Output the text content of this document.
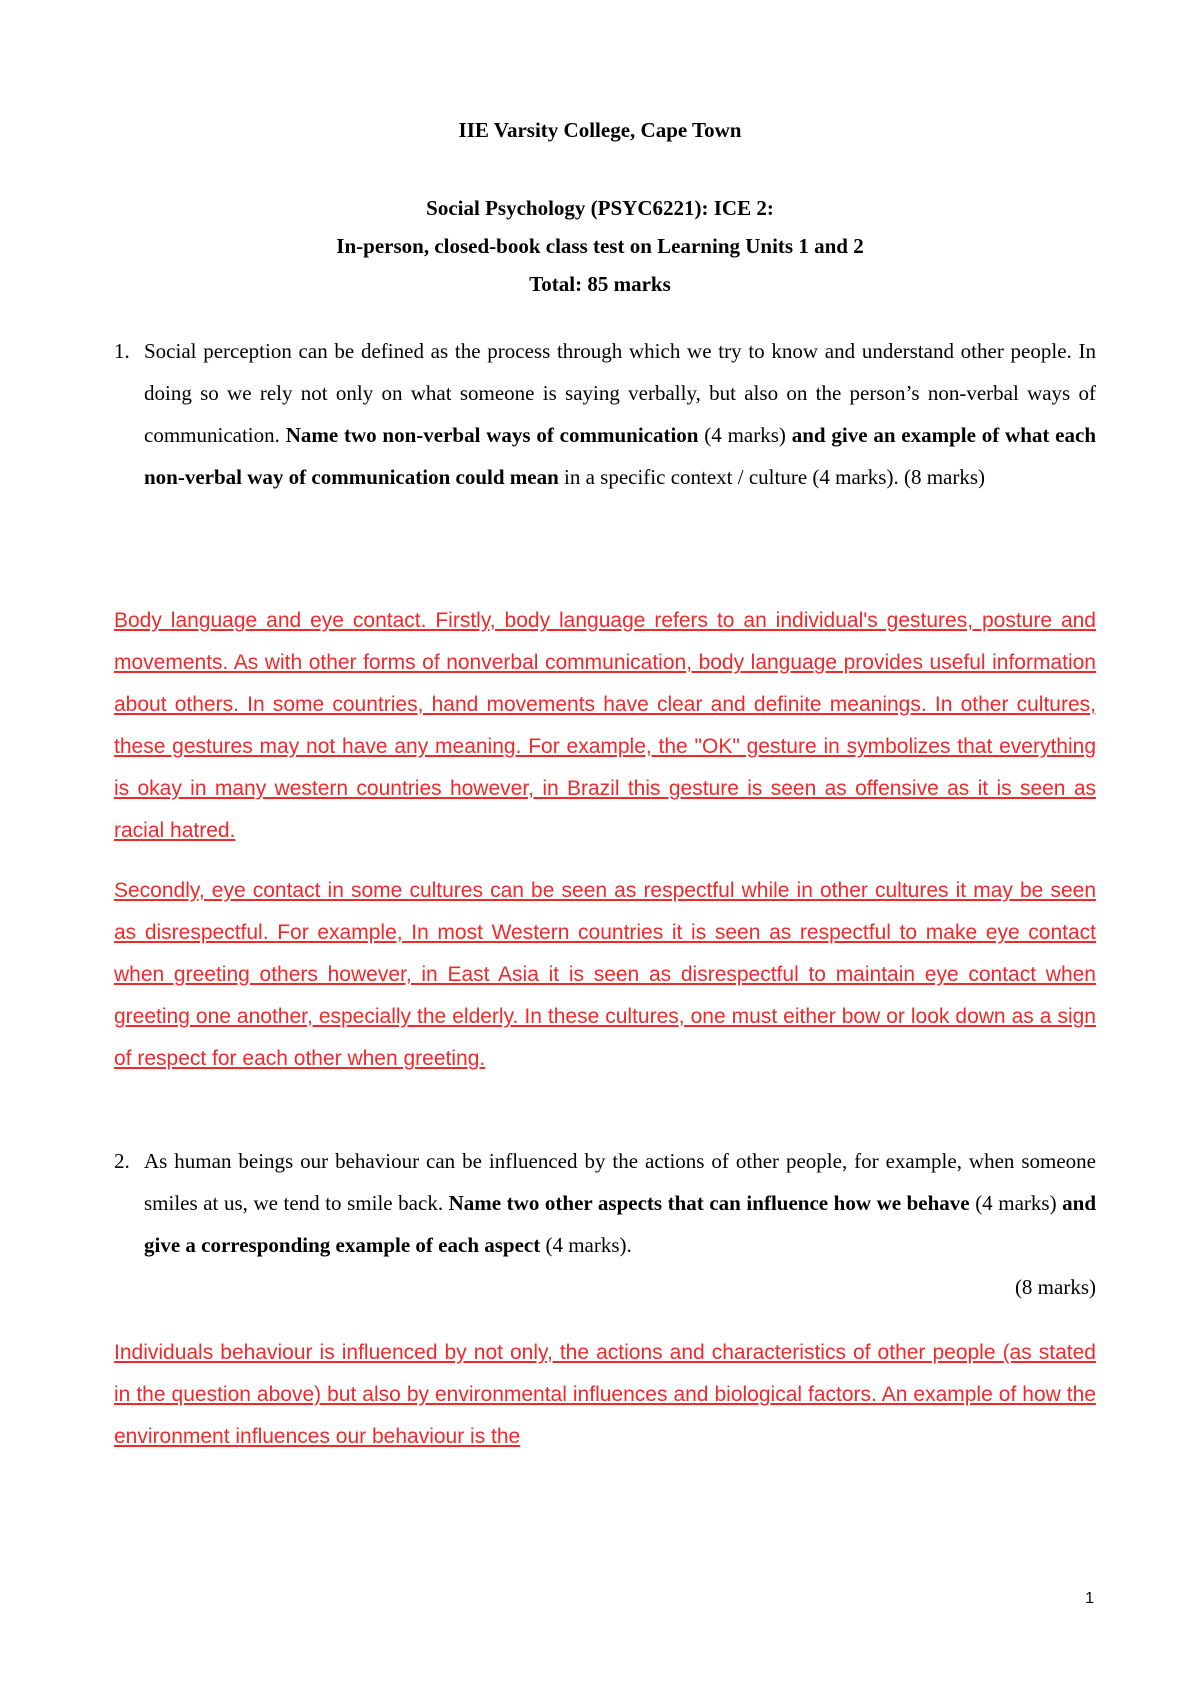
IIE Varsity College, Cape Town
Social Psychology (PSYC6221): ICE 2:
In-person, closed-book class test on Learning Units 1 and 2
Total: 85 marks
1. Social perception can be defined as the process through which we try to know and understand other people. In doing so we rely not only on what someone is saying verbally, but also on the person’s non-verbal ways of communication. Name two non-verbal ways of communication (4 marks) and give an example of what each non-verbal way of communication could mean in a specific context / culture (4 marks). (8 marks)
Body language and eye contact. Firstly, body language refers to an individual's gestures, posture and movements. As with other forms of nonverbal communication, body language provides useful information about others. In some countries, hand movements have clear and definite meanings. In other cultures, these gestures may not have any meaning. For example, the "OK" gesture in symbolizes that everything is okay in many western countries however, in Brazil this gesture is seen as offensive as it is seen as racial hatred.
Secondly, eye contact in some cultures can be seen as respectful while in other cultures it may be seen as disrespectful. For example, In most Western countries it is seen as respectful to make eye contact when greeting others however, in East Asia it is seen as disrespectful to maintain eye contact when greeting one another, especially the elderly. In these cultures, one must either bow or look down as a sign of respect for each other when greeting.
2. As human beings our behaviour can be influenced by the actions of other people, for example, when someone smiles at us, we tend to smile back. Name two other aspects that can influence how we behave (4 marks) and give a corresponding example of each aspect (4 marks).
(8 marks)
Individuals behaviour is influenced by not only, the actions and characteristics of other people (as stated in the question above) but also by environmental influences and biological factors. An example of how the environment influences our behaviour is the
1
